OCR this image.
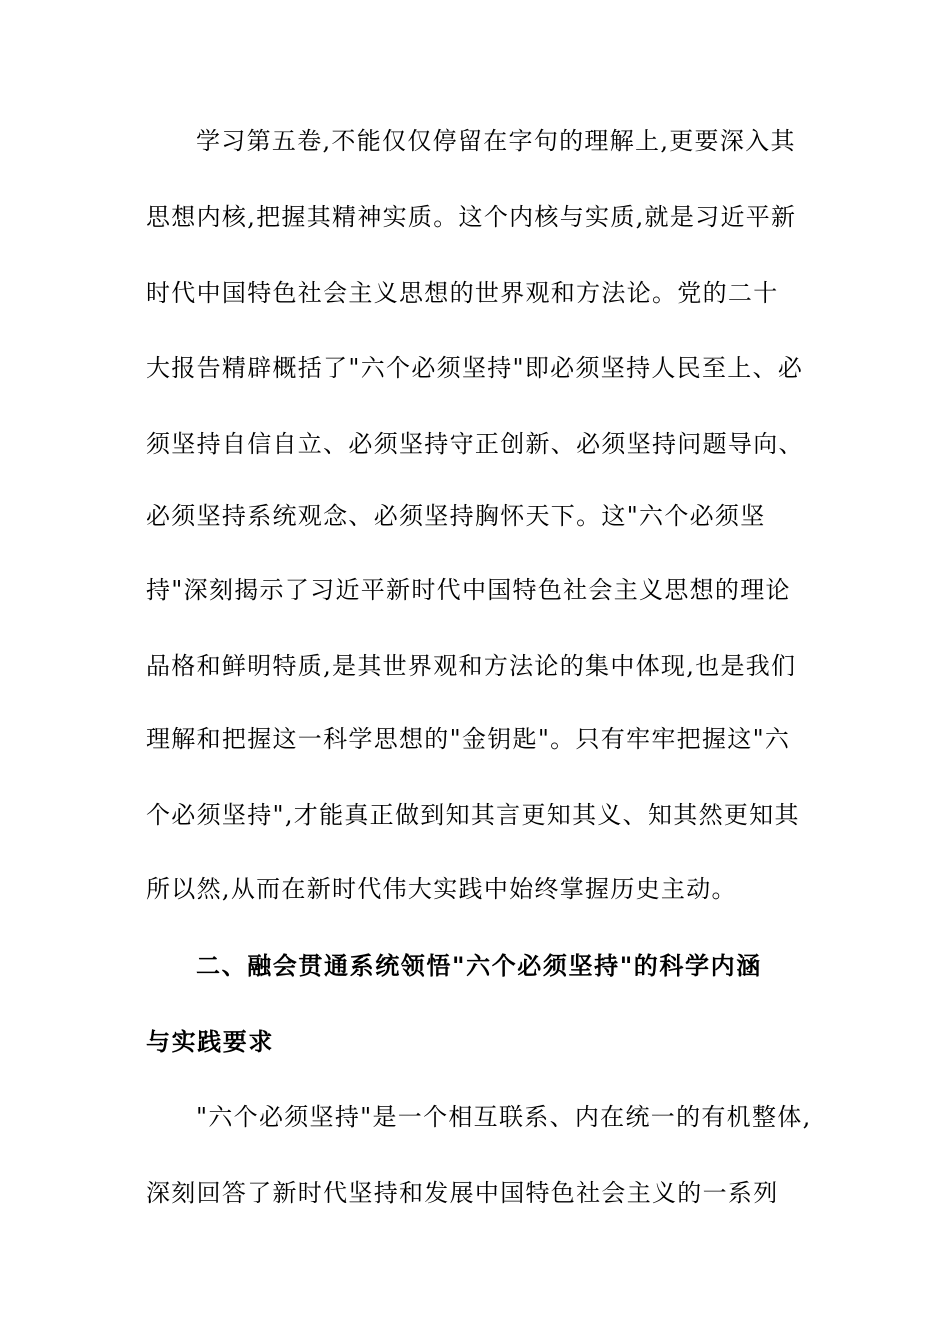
学习第五卷,不能仅仅停留在字句的理解上,更要深入其
思想内核,把握其精神实质。这个内核与实质,就是习近平新
时代中国特色社会主义思想的世界观和方法论。党的二十
大报告精辟概括了"六个必须坚持"即必须坚持人民至上、必
须坚持自信自立、必须坚持守正创新、必须坚持问题导向、
必须坚持系统观念、必须坚持胸怀天下。这"六个必须坚
持"深刻揭示了习近平新时代中国特色社会主义思想的理论
品格和鲜明特质,是其世界观和方法论的集中体现,也是我们
理解和把握这一科学思想的"金钥匙"。只有牢牢把握这"六
个必须坚持",才能真正做到知其言更知其义、知其然更知其
所以然,从而在新时代伟大实践中始终掌握历史主动。
二、融会贯通系统领悟"六个必须坚持"的科学内涵
与实践要求
"六个必须坚持"是一个相互联系、内在统一的有机整体,
深刻回答了新时代坚持和发展中国特色社会主义的一系列
